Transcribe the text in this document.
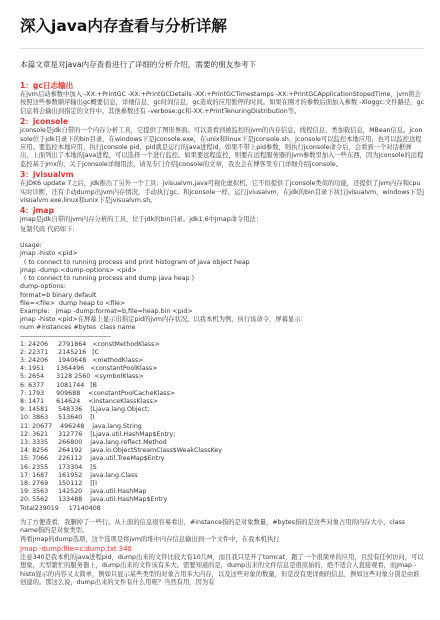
深入java内存查看与分析详解

本篇文章是对java内存查看进行了详细的分析介绍，需要的朋友参考下

1：gc日志输出
在jvm启动参数中加入 -XX:+PrintGC -XX:+PrintGCDetails -XX:+PrintGCTimestamps -XX:+PrintGCApplicationStopedTime，jvm将会按照这些参数顺序输出gc概要信息，详细信息，gc时间信息，gc造成的应用暂停的时间。如果在刚才的参数后面加入参数 -Xloggc:文件路径，gc信息将会输出到指定的文件中。其他参数还有 -verbose:gc和-XX:+PrintTenuringDistribution等。
2：jconsole
jconsole是jdk自带的一个内存分析工具，它提供了图形界面。可以查看到被监控的jvm的内存信息，线程信息，类加载信息，MBean信息。jconsole位于jdk目录下的bin目录，在windows下是jconsole.exe，在unix和linux下是jconsole.sh，jconsole可以监控本地应用，也可以监控远程应用。要监控本地应用，执行jconsole pid，pid就是运行的java进程id，如果不带上pid参数，则执行jconsole命令后，会看到一个对话框弹出，上面列出了本地的java进程，可以选择一个进行监控。如果要远程监控，则要在远程服务器的jvm参数里加入一些东西，因为jconsole的远程监控基于jmx的，关于jconsole详细用法，请见专门介绍jconsole的文章，我也会在博客里专门详细介绍jconsole。
3：jvisualvm
在JDK6 update 7之后，jdk推出了另外一个工具：jvisualvm,java可视化虚拟机，它不但提供了jconsole类似的功能，还提供了jvm内存和cpu实时诊断，还有手动dump出jvm内存情况，手动执行gc。和jconsole一样，运行jviusalvm，在jdk的bin目录下执行jvisualvm，windows下是jvisualvm.exe,linux和unix下是jvisualvm.sh。
4：jmap
jmap是jdk自带的jvm内存分析的工具，位于jdk的bin目录。jdk1.6中jmap命令用法：
复制代码 代码如下:
Usage:
jmap -histo <pid>
( to connect to running process and print histogram of java object heap
jmap -dump:<dump-options> <pid>
( to connect to running process and dump java heap )
dump-options:
format=b binary default
file=<file>  dump heap to <file>
Example:   jmap -dump:format=b,file=heap.bin <pid>
jmap -histo <pid>在屏幕上显示出指定pid的jvm内存状况。以我本机为例，执行该命令，屏幕显示：
num #instances #bytes  class name
----------------------------------------------
1: 24206     2791864   <constMethodKlass>
2: 22371     2145216   [C
3: 24206     1940648   <methodKlass>
4: 1951      1364496   <constantPoolKlass>
5: 2654      3128 2560  <symbolKlass>
6: 6377      1081744   [B
7: 1793      909688    <constantPoolCacheKlass>
8: 1471      614624    <instanceKlassKlass>
9: 14581     548336    [Ljava.lang.Object;
10: 3863     513640    [I
11: 20677    496248    java.lang.String
12: 3621     312776    [Ljava.util.HashMap$Entry;
13: 3335     266800    java.lang.reflect.Method
14: 8256     264192    java.io.ObjectStreamClass$WeakClassKey
15: 7066     226112    java.util.TreeMap$Entry
16: 2355     173304    [S
17: 1687     161952    java.lang.Class
18: 2769     150112    [[I
19: 3563     142520    java.util.HashMap
20: 5562     133488    java.util.HashMap$Entry
Total239019     17140408
为了方便查看，我删掉了一些行。从上面的信息很容易看出，#instance指的是对象数量，#bytes指的是这些对象占用的内存大小，class name指的是对象类型。
再看jmap的dump选项，这个选项是将jvm的堆中内存信息输出到一个文件中，在我本机执行
jmap -dump:file=c:dump.txt 340
注意340是我本机的java进程pid，dump出来的文件比较大有10几M，而且我只是开了tomcat，跑了一个很简单的应用，且没有任何访问，可以想象，大型繁忙的服务器上，dump出来的文件该有多大。需要知道的是，dump出来的文件信息是很原始的，绝不适合人直接观看，而jmap -histo显示的内容又太简单，例如只显示某些类型的对象占用多大内存，以及这些对象的数量，但是没有更详细的信息，例如这些对象分别是由谁创建的。那这么说，dump出来的文件有什么用呢？当然有用，因为有
